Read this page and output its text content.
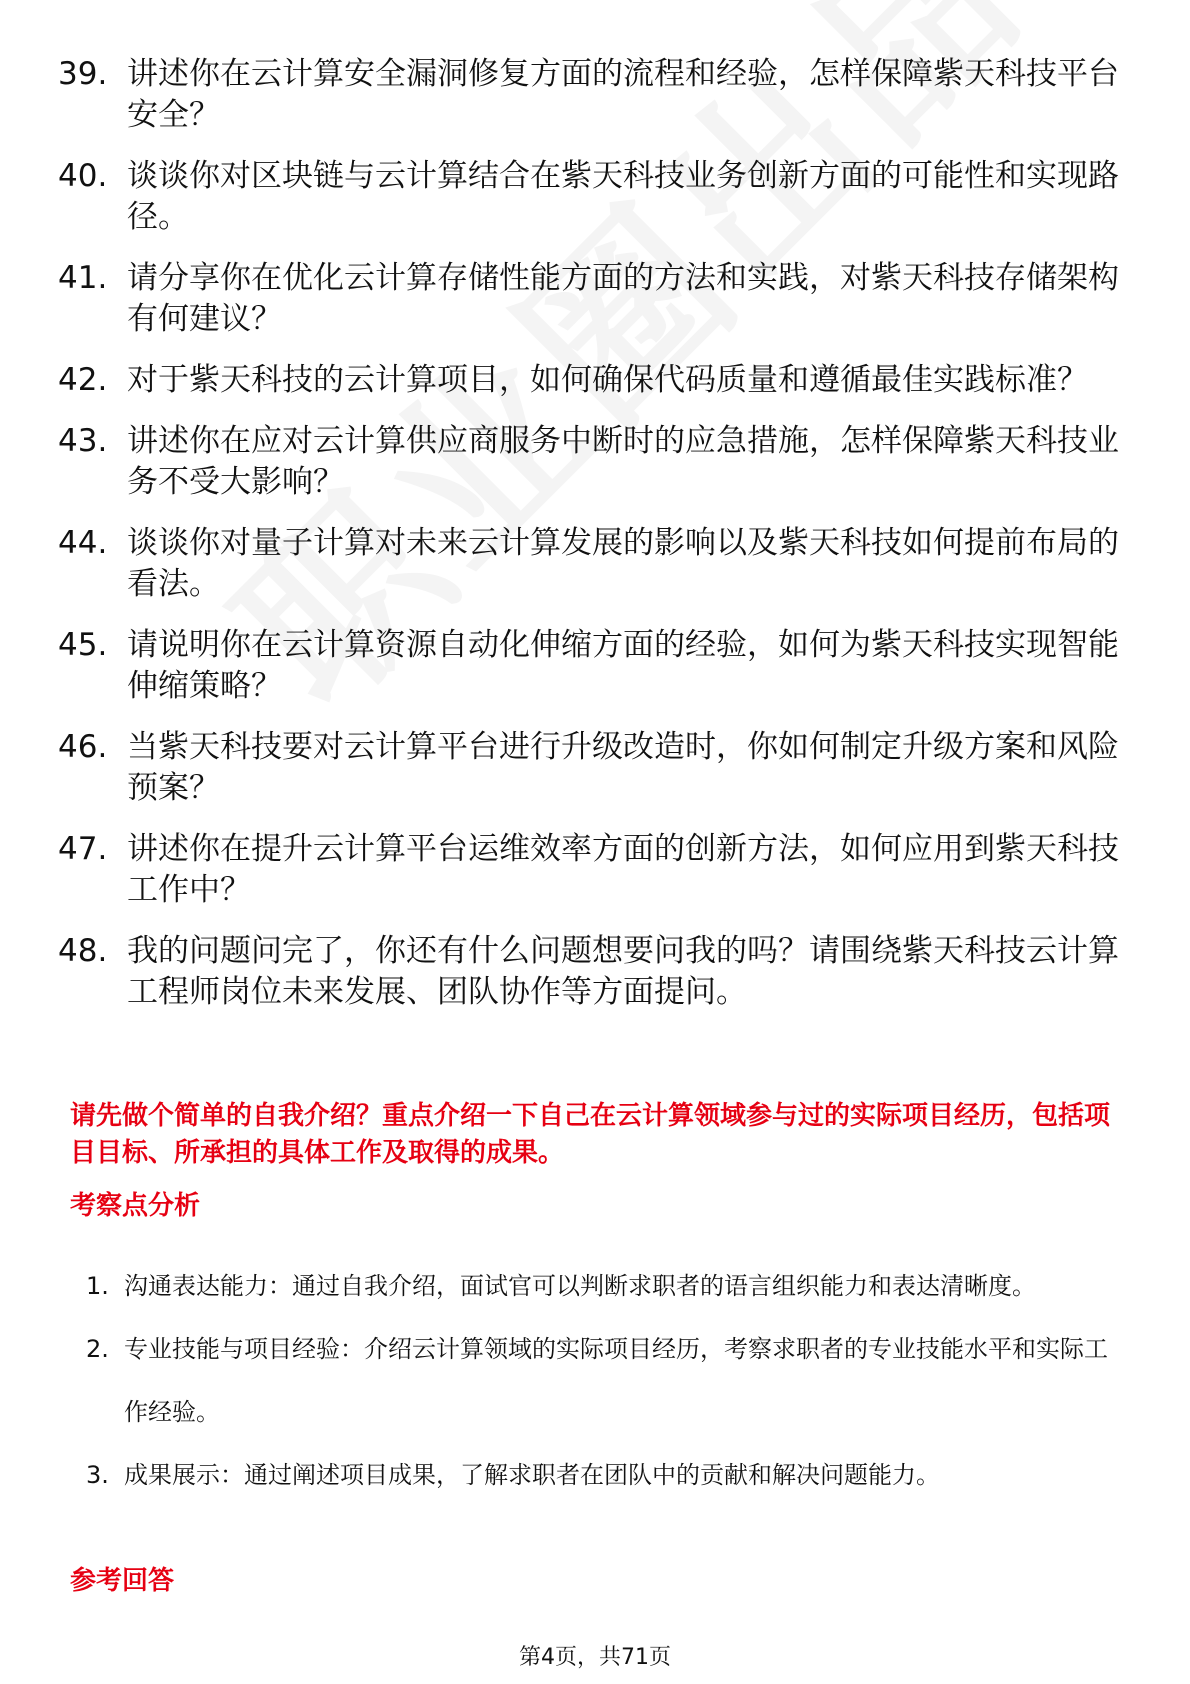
39. 讲述你在云计算安全漏洞修复方面的流程和经验，怎样保障紫天科技平台安全？
40. 谈谈你对区块链与云计算结合在紫天科技业务创新方面的可能性和实现路径。
41. 请分享你在优化云计算存储性能方面的方法和实践，对紫天科技存储架构有何建议？
42. 对于紫天科技的云计算项目，如何确保代码质量和遵循最佳实践标准？
43. 讲述你在应对云计算供应商服务中断时的应急措施，怎样保障紫天科技业务不受大影响？
44. 谈谈你对量子计算对未来云计算发展的影响以及紫天科技如何提前布局的看法。
45. 请说明你在云计算资源自动化伸缩方面的经验，如何为紫天科技实现智能伸缩策略？
46. 当紫天科技要对云计算平台进行升级改造时，你如何制定升级方案和风险预案？
47. 讲述你在提升云计算平台运维效率方面的创新方法，如何应用到紫天科技工作中？
48. 我的问题问完了，你还有什么问题想要问我的吗？请围绕紫天科技云计算工程师岗位未来发展、团队协作等方面提问。
请先做个简单的自我介绍？重点介绍一下自己在云计算领域参与过的实际项目经历，包括项目目标、所承担的具体工作及取得的成果。
考察点分析
1. 沟通表达能力：通过自我介绍，面试官可以判断求职者的语言组织能力和表达清晰度。
2. 专业技能与项目经验：介绍云计算领域的实际项目经历，考察求职者的专业技能水平和实际工作经验。
3. 成果展示：通过阐述项目成果，了解求职者在团队中的贡献和解决问题能力。
参考回答
第4页，共71页
